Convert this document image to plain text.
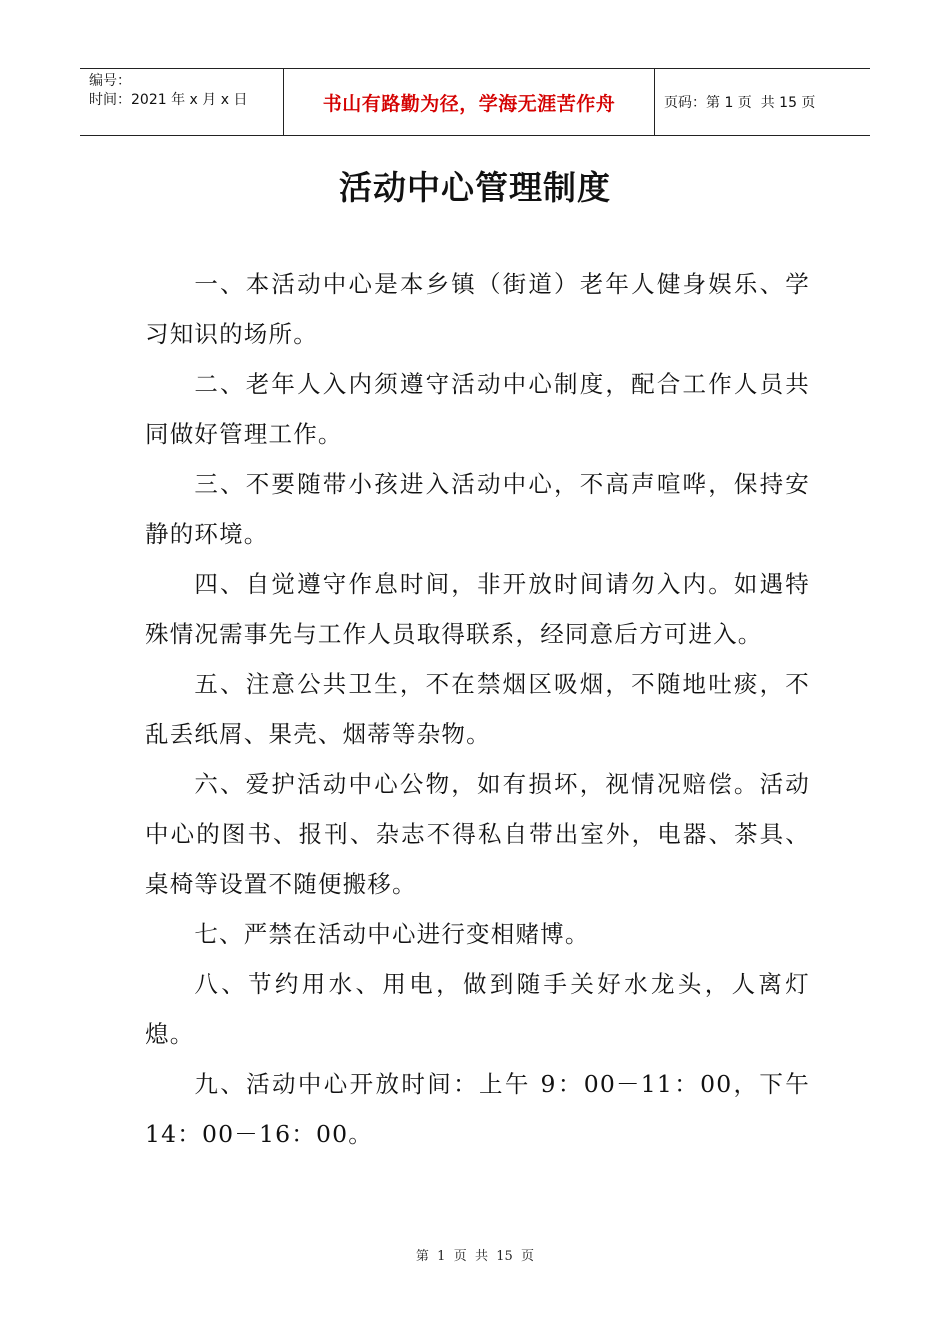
编号：
时间：2021 年 x 月 x 日	书山有路勤为径，学海无涯苦作舟	页码：第 1 页  共 15 页
活动中心管理制度

一、本活动中心是本乡镇（街道）老年人健身娱乐、学习知识的场所。

二、老年人入内须遵守活动中心制度，配合工作人员共同做好管理工作。

三、不要随带小孩进入活动中心，不高声喧哗，保持安静的环境。

四、自觉遵守作息时间，非开放时间请勿入内。如遇特殊情况需事先与工作人员取得联系，经同意后方可进入。

五、注意公共卫生，不在禁烟区吸烟，不随地吐痰，不乱丢纸屑、果壳、烟蒂等杂物。

六、爱护活动中心公物，如有损坏，视情况赔偿。活动中心的图书、报刊、杂志不得私自带出室外，电器、茶具、桌椅等设置不随便搬移。

七、严禁在活动中心进行变相赌博。

八、节约用水、用电，做到随手关好水龙头，人离灯熄。

九、活动中心开放时间：上午 9：00－11：00，下午 14：00－16：00。

第  1  页  共  15  页
